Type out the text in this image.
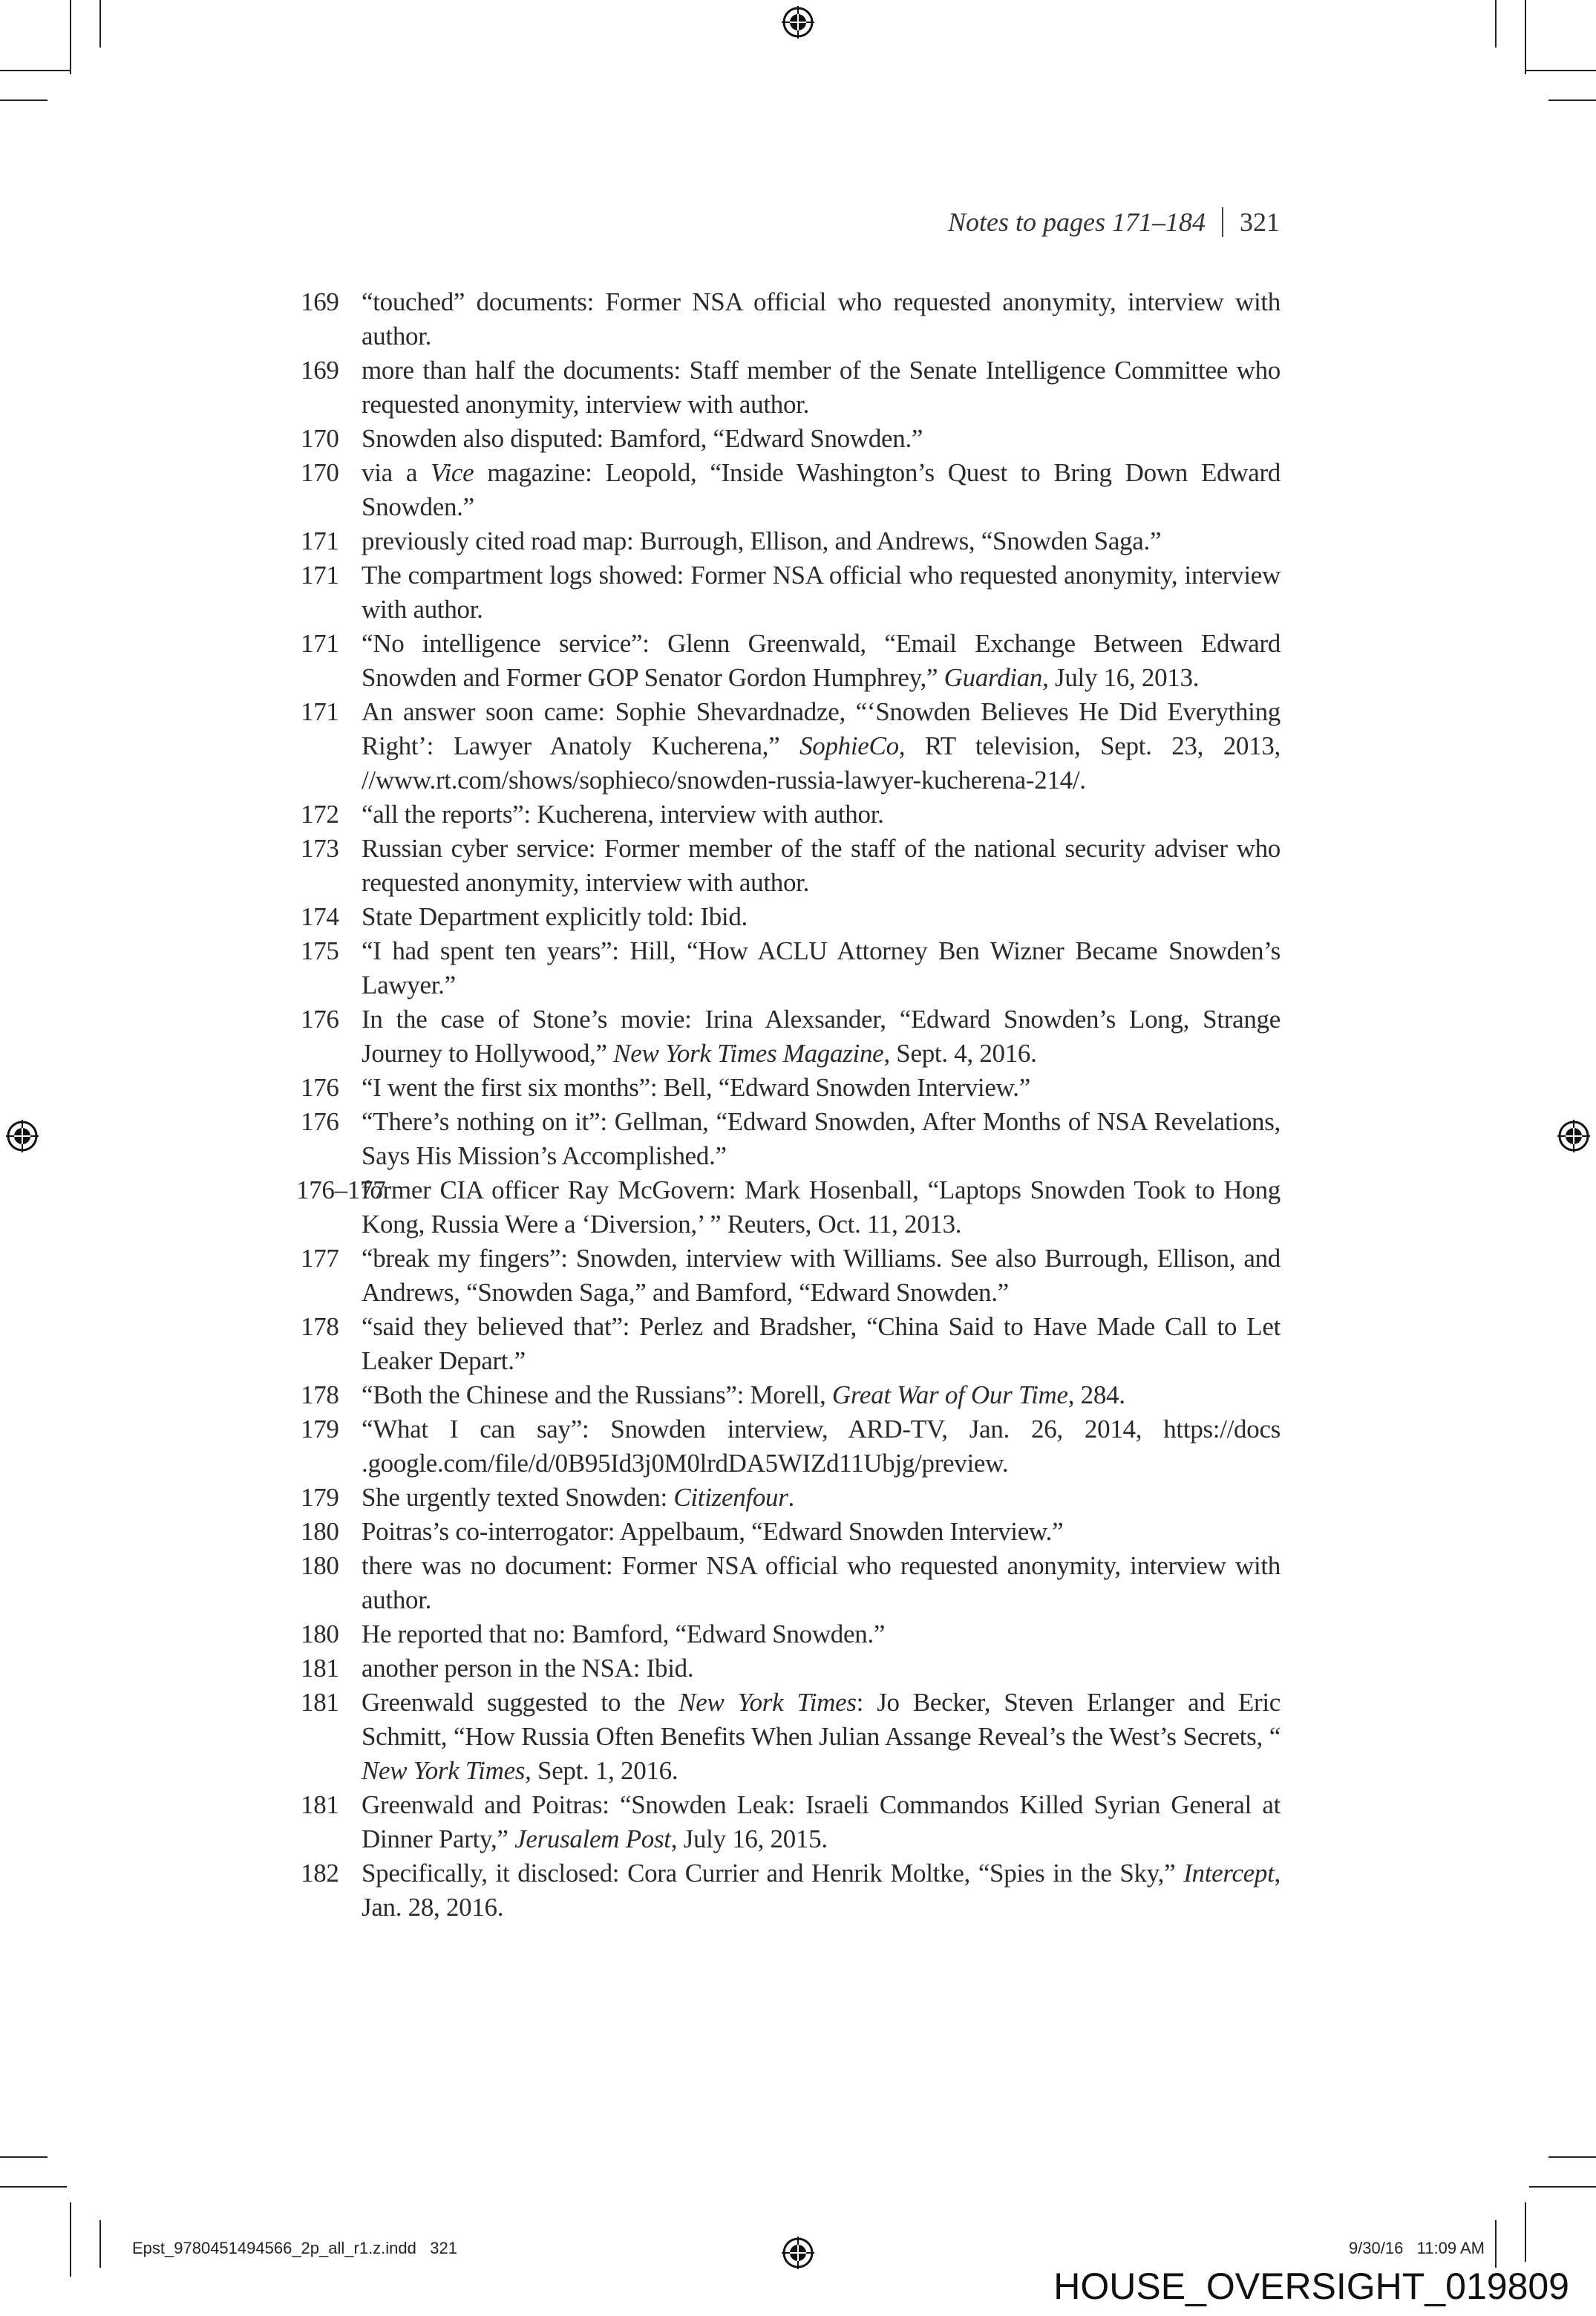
Notes to pages 171–184 321
169 “touched” documents: Former NSA official who requested anonymity, interview with author.
169 more than half the documents: Staff member of the Senate Intelligence Committee who requested anonymity, interview with author.
170 Snowden also disputed: Bamford, “Edward Snowden.”
170 via a Vice magazine: Leopold, “Inside Washington’s Quest to Bring Down Edward Snowden.”
171 previously cited road map: Burrough, Ellison, and Andrews, “Snowden Saga.”
171 The compartment logs showed: Former NSA official who requested anonymity, interview with author.
171 “No intelligence service”: Glenn Greenwald, “Email Exchange Between Edward Snowden and Former GOP Senator Gordon Humphrey,” Guardian, July 16, 2013.
171 An answer soon came: Sophie Shevardnadze, “‘Snowden Believes He Did Everything Right’: Lawyer Anatoly Kucherena,” SophieCo, RT television, Sept. 23, 2013, //www.rt.com/shows/sophieco/snowden-russia-lawyer-kucherena-214/.
172 “all the reports”: Kucherena, interview with author.
173 Russian cyber service: Former member of the staff of the national security adviser who requested anonymity, interview with author.
174 State Department explicitly told: Ibid.
175 “I had spent ten years”: Hill, “How ACLU Attorney Ben Wizner Became Snowden’s Lawyer.”
176 In the case of Stone’s movie: Irina Alexsander, “Edward Snowden’s Long, Strange Journey to Hollywood,” New York Times Magazine, Sept. 4, 2016.
176 “I went the first six months”: Bell, “Edward Snowden Interview.”
176 “There’s nothing on it”: Gellman, “Edward Snowden, After Months of NSA Revelations, Says His Mission’s Accomplished.”
176–177
former CIA officer Ray McGovern: Mark Hosenball, “Laptops Snowden Took to Hong Kong, Russia Were a ‘Diversion,’ ” Reuters, Oct. 11, 2013.
177 “break my fingers”: Snowden, interview with Williams. See also Burrough, Ellison, and Andrews, “Snowden Saga,” and Bamford, “Edward Snowden.”
178 “said they believed that”: Perlez and Bradsher, “China Said to Have Made Call to Let Leaker Depart.”
178 “Both the Chinese and the Russians”: Morell, Great War of Our Time, 284.
179 “What I can say”: Snowden interview, ARD-TV, Jan. 26, 2014, https://docs .google.com/file/d/0B95Id3j0M0lrdDA5WIZd11Ubjg/preview.
179 She urgently texted Snowden: Citizenfour.
180 Poitras’s co-interrogator: Appelbaum, “Edward Snowden Interview.”
180 there was no document: Former NSA official who requested anonymity, interview with author.
180 He reported that no: Bamford, “Edward Snowden.”
181 another person in the NSA: Ibid.
181 Greenwald suggested to the New York Times: Jo Becker, Steven Erlanger and Eric Schmitt, “How Russia Often Benefits When Julian Assange Reveal’s the West’s Secrets, “ New York Times, Sept. 1, 2016.
181 Greenwald and Poitras: “Snowden Leak: Israeli Commandos Killed Syrian General at Dinner Party,” Jerusalem Post, July 16, 2015.
182 Specifically, it disclosed: Cora Currier and Henrik Moltke, “Spies in the Sky,” Intercept, Jan. 28, 2016.
Epst_9780451494566_2p_all_r1.z.indd   321	9/30/16   11:09 AM
HOUSE_OVERSIGHT_019809
